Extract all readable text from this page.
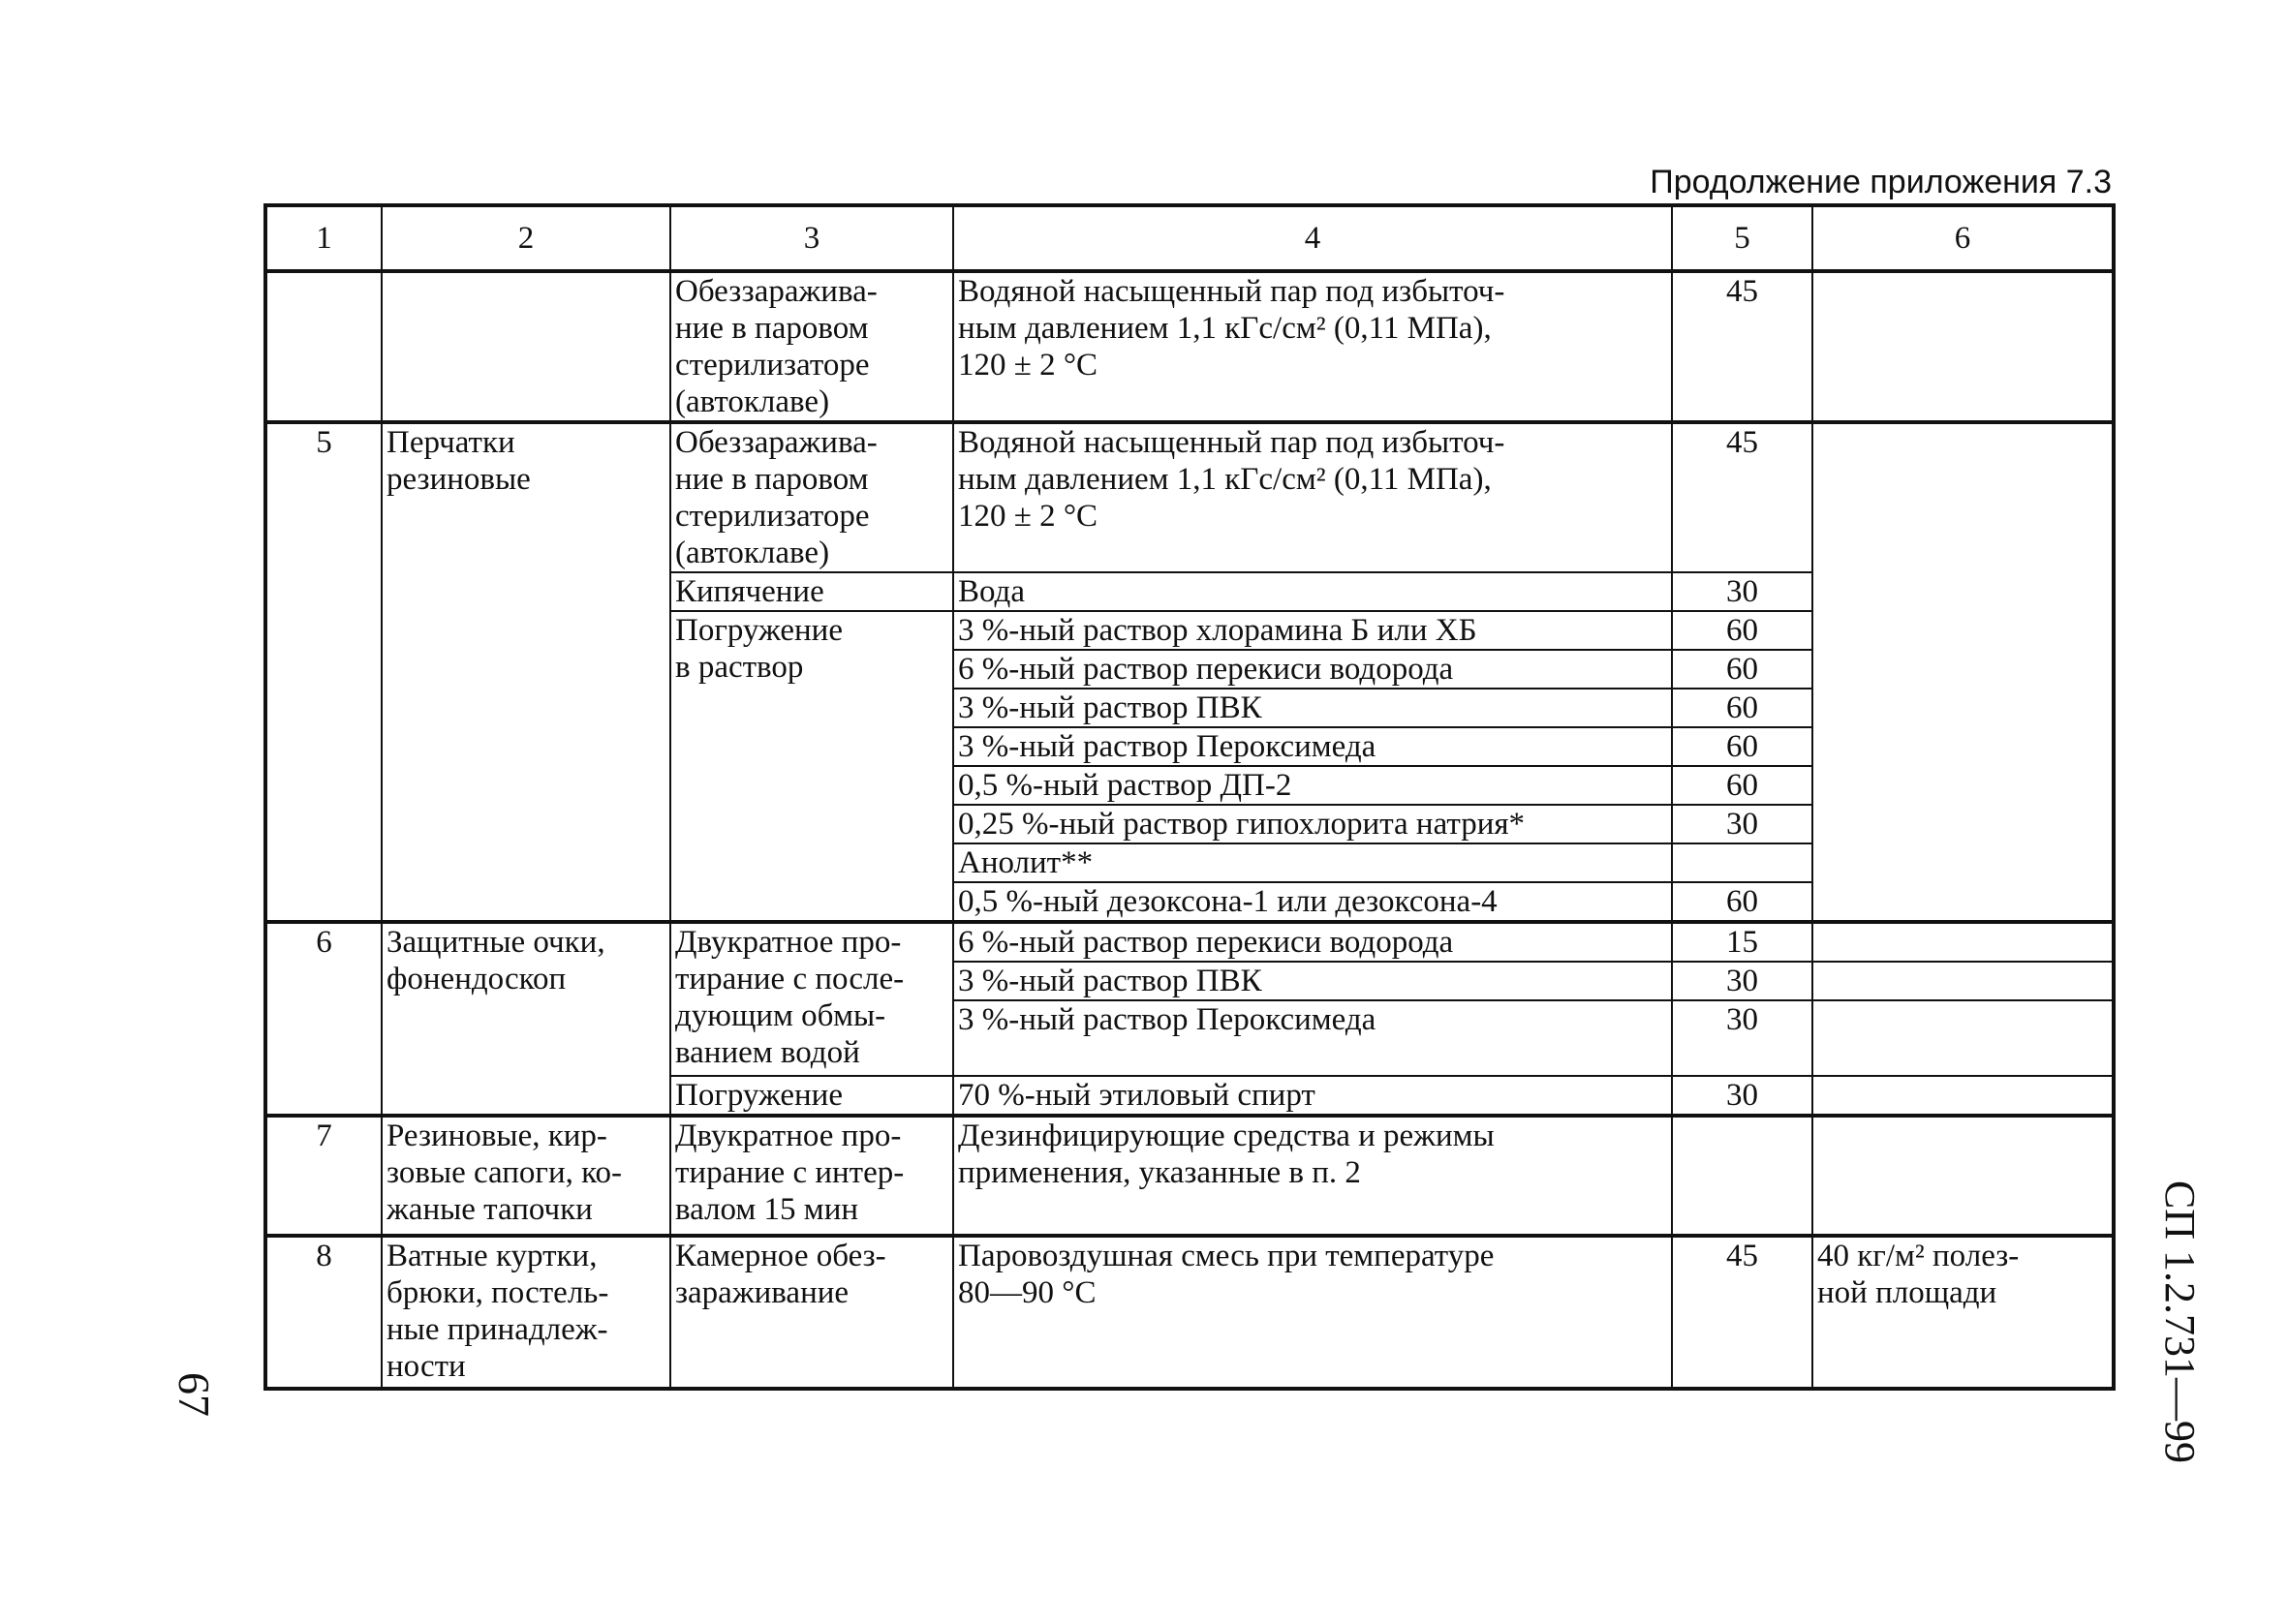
Продолжение приложения 7.3
1	2	3	4	5	6

		Обеззаражива-
ние в паровом
стерилизаторе
(автоклаве)	Водяной насыщенный пар под избыточ-
ным давлением 1,1 кГс/см² (0,11 МПа),
120 ± 2 °С	45	
5	Перчатки
резиновые	Обеззаражива-
ние в паровом
стерилизаторе
(автоклаве)	Водяной насыщенный пар под избыточ-
ным давлением 1,1 кГс/см² (0,11 МПа),
120 ± 2 °С	45	
		Кипячение	Вода	30	

		Погружение
в раствор	3 %-ный раствор хлорамина Б или ХБ	60	
			6 %-ный раствор перекиси водорода	60	
			3 %-ный раствор ПВК	60	
			3 %-ный раствор Пероксимеда	60	
			0,5 %-ный раствор ДП-2	60	
			0,25 %-ный раствор гипохлорита натрия*	30	
			Анолит**		
			0,5 %-ный дезоксона-1 или дезоксона-4	60	
6	Защитные очки,
фонендоскоп	Двукратное про-
тирание с после-
дующим обмы-
ванием водой	6 %-ный раствор перекиси водорода	15	
			3 %-ный раствор ПВК	30	
			3 %-ный раствор Пероксимеда	30	
		Погружение	70 %-ный этиловый спирт	30	
7	Резиновые, кир-
зовые сапоги, ко-
жаные тапочки	Двукратное про-
тирание с интер-
валом 15 мин	Дезинфицирующие средства и режимы
применения, указанные в п. 2		

8	Ватные куртки,
брюки, постель-
ные принадлеж-
ности	Камерное обез-
зараживание	Паровоздушная смесь при температуре
80—90 °С	45	40 кг/м² полез-
ной площади
67	СП 1.2.731—99
